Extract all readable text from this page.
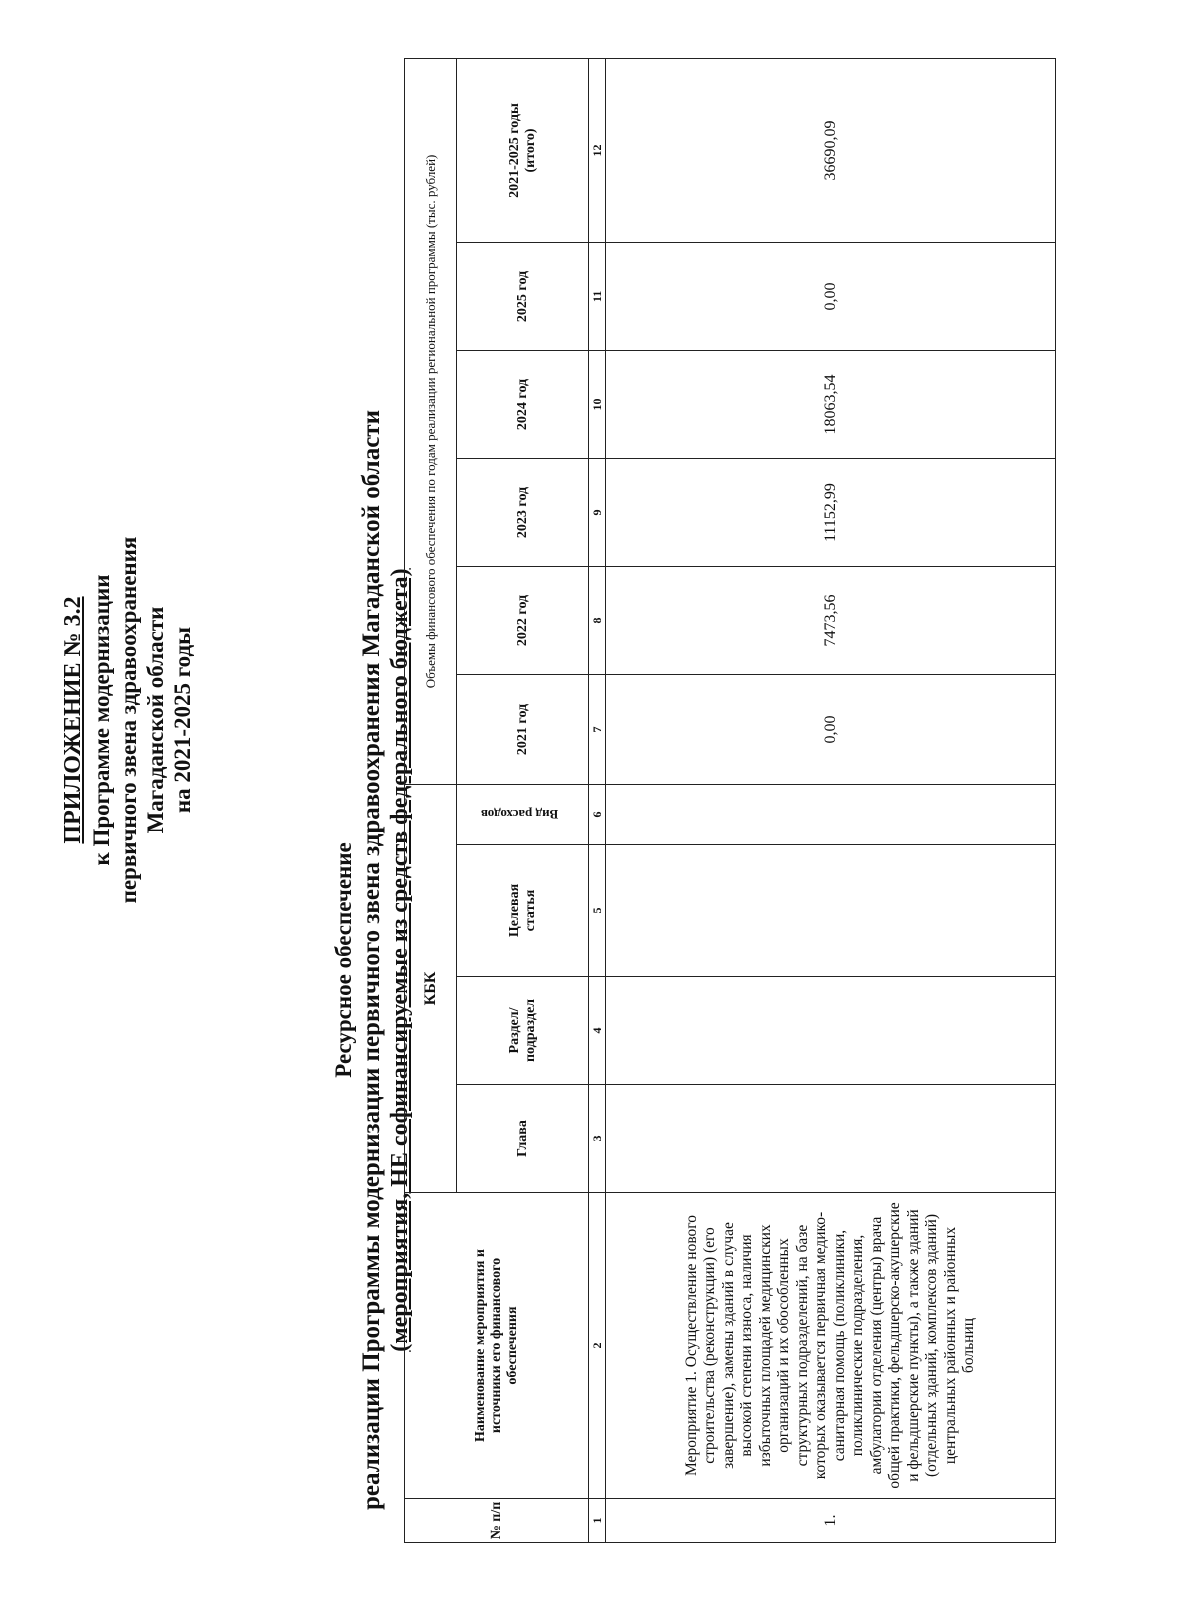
ПРИЛОЖЕНИЕ № 3.2 к Программе модернизации первичного звена здравоохранения Магаданской области на 2021-2025 годы
Ресурсное обеспечение реализации Программы модернизации первичного звена здравоохранения Магаданской области (мероприятия, НЕ софинансируемые из средств федерального бюджета)
№ п/п	Наименование мероприятия и источники его финансового обеспечения	КБК				Объемы финансового обеспечения по годам реализации региональной программы (тыс. рублей)					
		Глава	Раздел/ подраздел	Целевая статья	Вид расходов	2021 год	2022 год	2023 год	2024 год	2025 год	2021-2025 годы (итого)
1	2	3	4	5	6	7	8	9	10	11	12
1.	Мероприятие 1. Осуществление нового строительства (реконструкции) (его завершение), замены зданий в случае высокой степени износа, наличия избыточных площадей медицинских организаций и их обособленных структурных подразделений, на базе которых оказывается первичная медико-санитарная помощь (поликлиники, поликлинические подразделения, амбулатории отделения (центры) врача общей практики, фельдшерско-акушерские и фельдшерские пункты), а также зданий (отдельных зданий, комплексов зданий) центральных районных и районных больниц					0,00	7473,56	11152,99	18063,54	0,00	36690,09
